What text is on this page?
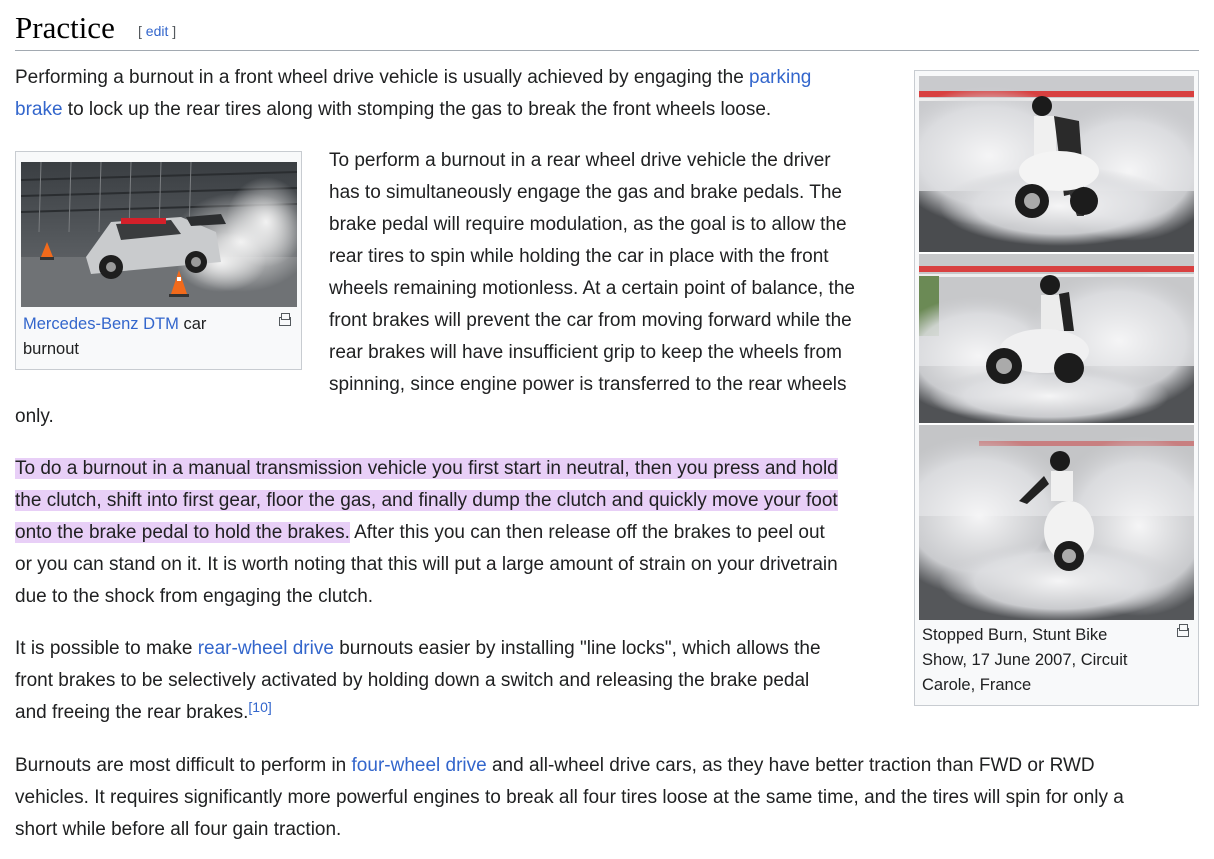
Practice [ edit ]
Performing a burnout in a front wheel drive vehicle is usually achieved by engaging the parking
brake to lock up the rear tires along with stomping the gas to break the front wheels loose.
Mercedes-Benz DTM car
burnout
To perform a burnout in a rear wheel drive vehicle the driver
has to simultaneously engage the gas and brake pedals. The
brake pedal will require modulation, as the goal is to allow the
rear tires to spin while holding the car in place with the front
wheels remaining motionless. At a certain point of balance, the
front brakes will prevent the car from moving forward while the
rear brakes will have insufficient grip to keep the wheels from
spinning, since engine power is transferred to the rear wheels
only.
To do a burnout in a manual transmission vehicle you first start in neutral, then you press and hold
the clutch, shift into first gear, floor the gas, and finally dump the clutch and quickly move your foot
onto the brake pedal to hold the brakes. After this you can then release off the brakes to peel out
or you can stand on it. It is worth noting that this will put a large amount of strain on your drivetrain
due to the shock from engaging the clutch.
It is possible to make rear-wheel drive burnouts easier by installing "line locks", which allows the
front brakes to be selectively activated by holding down a switch and releasing the brake pedal
and freeing the rear brakes.[10]
Stopped Burn, Stunt Bike
Show, 17 June 2007, Circuit
Carole, France
Burnouts are most difficult to perform in four-wheel drive and all-wheel drive cars, as they have better traction than FWD or RWD
vehicles. It requires significantly more powerful engines to break all four tires loose at the same time, and the tires will spin for only a
short while before all four gain traction.
